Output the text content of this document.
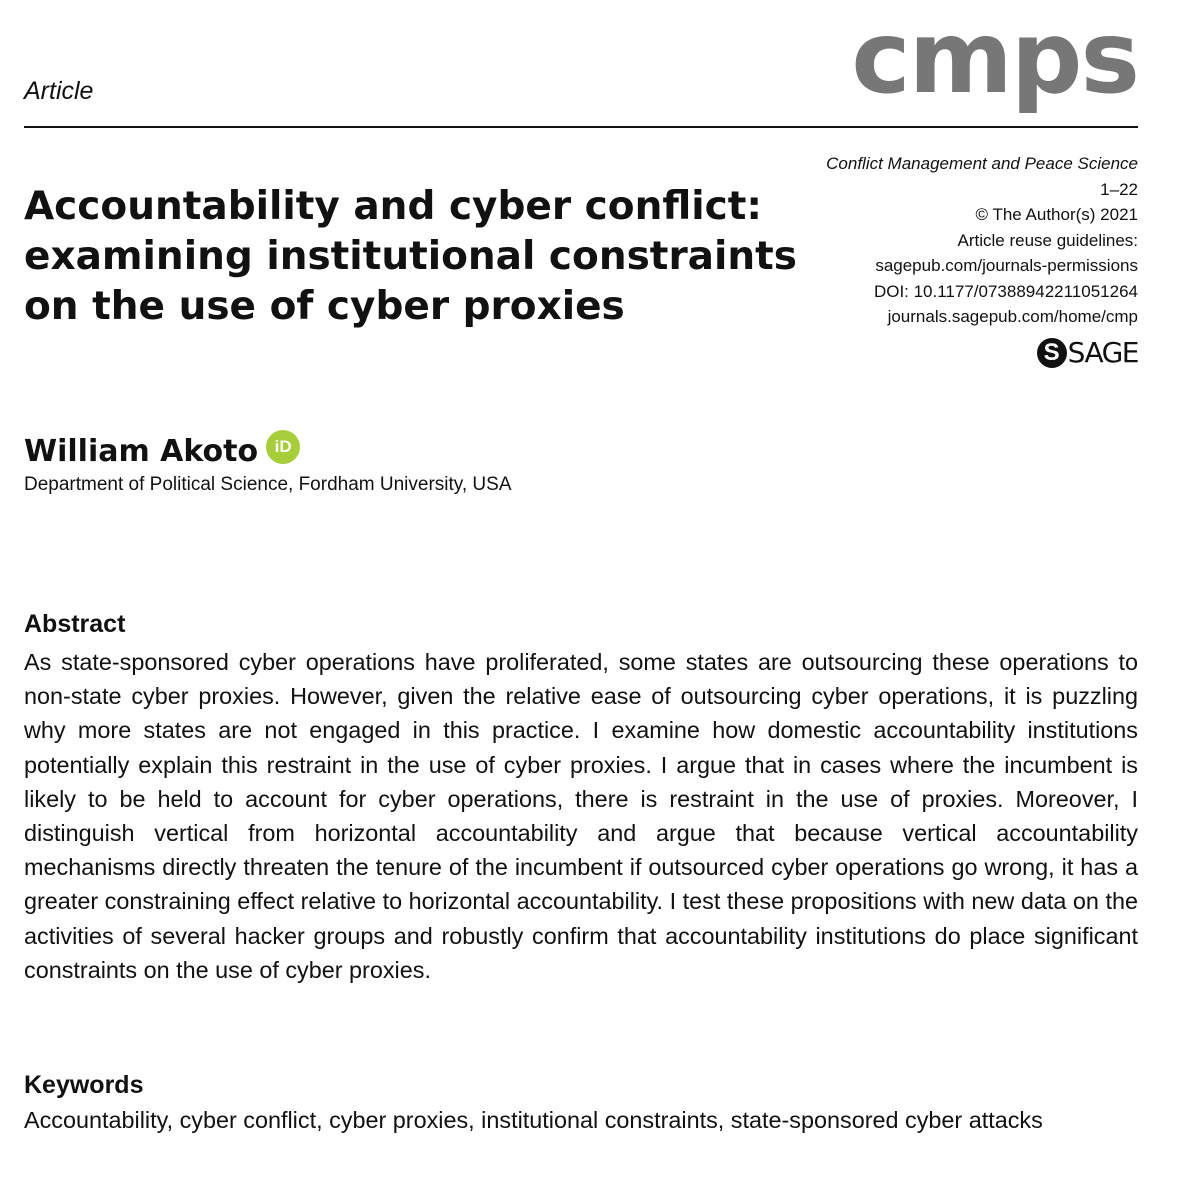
cmps
Article
Accountability and cyber conflict:
examining institutional constraints
on the use of cyber proxies
Conflict Management and Peace Science
1–22
© The Author(s) 2021
Article reuse guidelines:
sagepub.com/journals-permissions
DOI: 10.1177/07388942211051264
journals.sagepub.com/home/cmp
S SAGE
William Akoto iD
Department of Political Science, Fordham University, USA
Abstract

As state-sponsored cyber operations have proliferated, some states are outsourcing these operations to non-state cyber proxies. However, given the relative ease of outsourcing cyber operations, it is puzzling why more states are not engaged in this practice. I examine how domestic accountability institutions potentially explain this restraint in the use of cyber proxies. I argue that in cases where the incumbent is likely to be held to account for cyber operations, there is restraint in the use of proxies. Moreover, I distinguish vertical from horizontal accountability and argue that because vertical accountability mechanisms directly threaten the tenure of the incumbent if outsourced cyber operations go wrong, it has a greater constraining effect relative to horizontal accountability. I test these propositions with new data on the activities of several hacker groups and robustly confirm that accountability institutions do place significant constraints on the use of cyber proxies.

Keywords

Accountability, cyber conflict, cyber proxies, institutional constraints, state-sponsored cyber attacks
